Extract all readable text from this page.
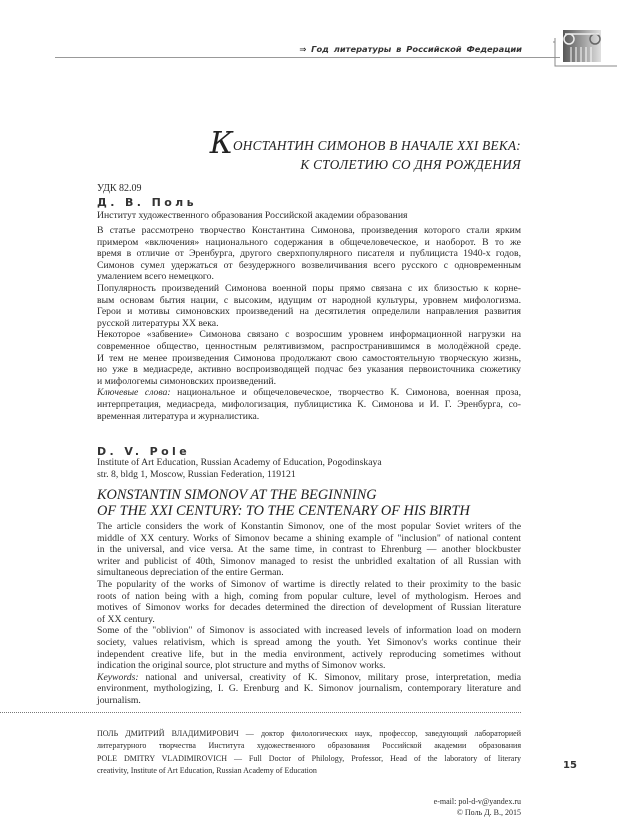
⇒ Год литературы в Российской Федерации
КОНСТАНТИН СИМОНОВ В НАЧАЛЕ XXI ВЕКА:
К СТОЛЕТИЮ СО ДНЯ РОЖДЕНИЯ
УДК 82.09
Д. В. Поль
Институт художественного образования Российской академии образования
В статье рассмотрено творчество Константина Симонова, произведения которого стали ярким
примером «включения» национального содержания в общечеловеческое, и наоборот. В то же
время в отличие от Эренбурга, другого сверхпопулярного писателя и публициста 1940-х годов,
Симонов сумел удержаться от безудержного возвеличивания всего русского с одновременным
умалением всего немецкого.
Популярность произведений Симонова военной поры прямо связана с их близостью к корне-
вым основам бытия нации, с высоким, идущим от народной культуры, уровнем мифологизма.
Герои и мотивы симоновских произведений на десятилетия определили направления развития
русской литературы XX века.
Некоторое «забвение» Симонова связано с возросшим уровнем информационной нагрузки на
современное общество, ценностным релятивизмом, распространившимся в молодёжной среде.
И тем не менее произведения Симонова продолжают свою самостоятельную творческую жизнь,
но уже в медиасреде, активно воспроизводящей подчас без указания первоисточника сюжетику
и мифологемы симоновских произведений.
Ключевые слова: национальное и общечеловеческое, творчество К. Симонова, военная проза,
интерпретация, медиасреда, мифологизация, публицистика К. Симонова и И. Г. Эренбурга, со-
временная литература и журналистика.
D. V. Pole
Institute of Art Education, Russian Academy of Education, Pogodinskaya
str. 8, bldg 1, Moscow, Russian Federation, 119121
KONSTANTIN SIMONOV AT THE BEGINNING
OF THE XXI CENTURY: TO THE CENTENARY OF HIS BIRTH
The article considers the work of Konstantin Simonov, one of the most popular Soviet writers of the
middle of XX century. Works of Simonov became a shining example of "inclusion" of national content
in the universal, and vice versa. At the same time, in contrast to Ehrenburg — another blockbuster
writer and publicist of 40th, Simonov managed to resist the unbridled exaltation of all Russian with
simultaneous depreciation of the entire German.
The popularity of the works of Simonov of wartime is directly related to their proximity to the basic
roots of nation being with a high, coming from popular culture, level of mythologism. Heroes and
motives of Simonov works for decades determined the direction of development of Russian literature
of XX century.
Some of the "oblivion" of Simonov is associated with increased levels of information load on modern
society, values relativism, which is spread among the youth. Yet Simonov's works continue their
independent creative life, but in the media environment, actively reproducing sometimes without
indication the original source, plot structure and myths of Simonov works.
Keywords: national and universal, creativity of K. Simonov, military prose, interpretation, media
environment, mythologizing, I. G. Erenburg and K. Simonov journalism, contemporary literature and
journalism.
ПОЛЬ ДМИТРИЙ ВЛАДИМИРОВИЧ — доктор филологических наук, профессор, заведующий лабораторией
литературного творчества Института художественного образования Российской академии образования
POLE DMITRY VLADIMIROVICH — Full Doctor of Philology, Professor, Head of the laboratory of literary
creativity, Institute of Art Education, Russian Academy of Education	15
e-mail: pol-d-v@yandex.ru
© Поль Д. В., 2015
